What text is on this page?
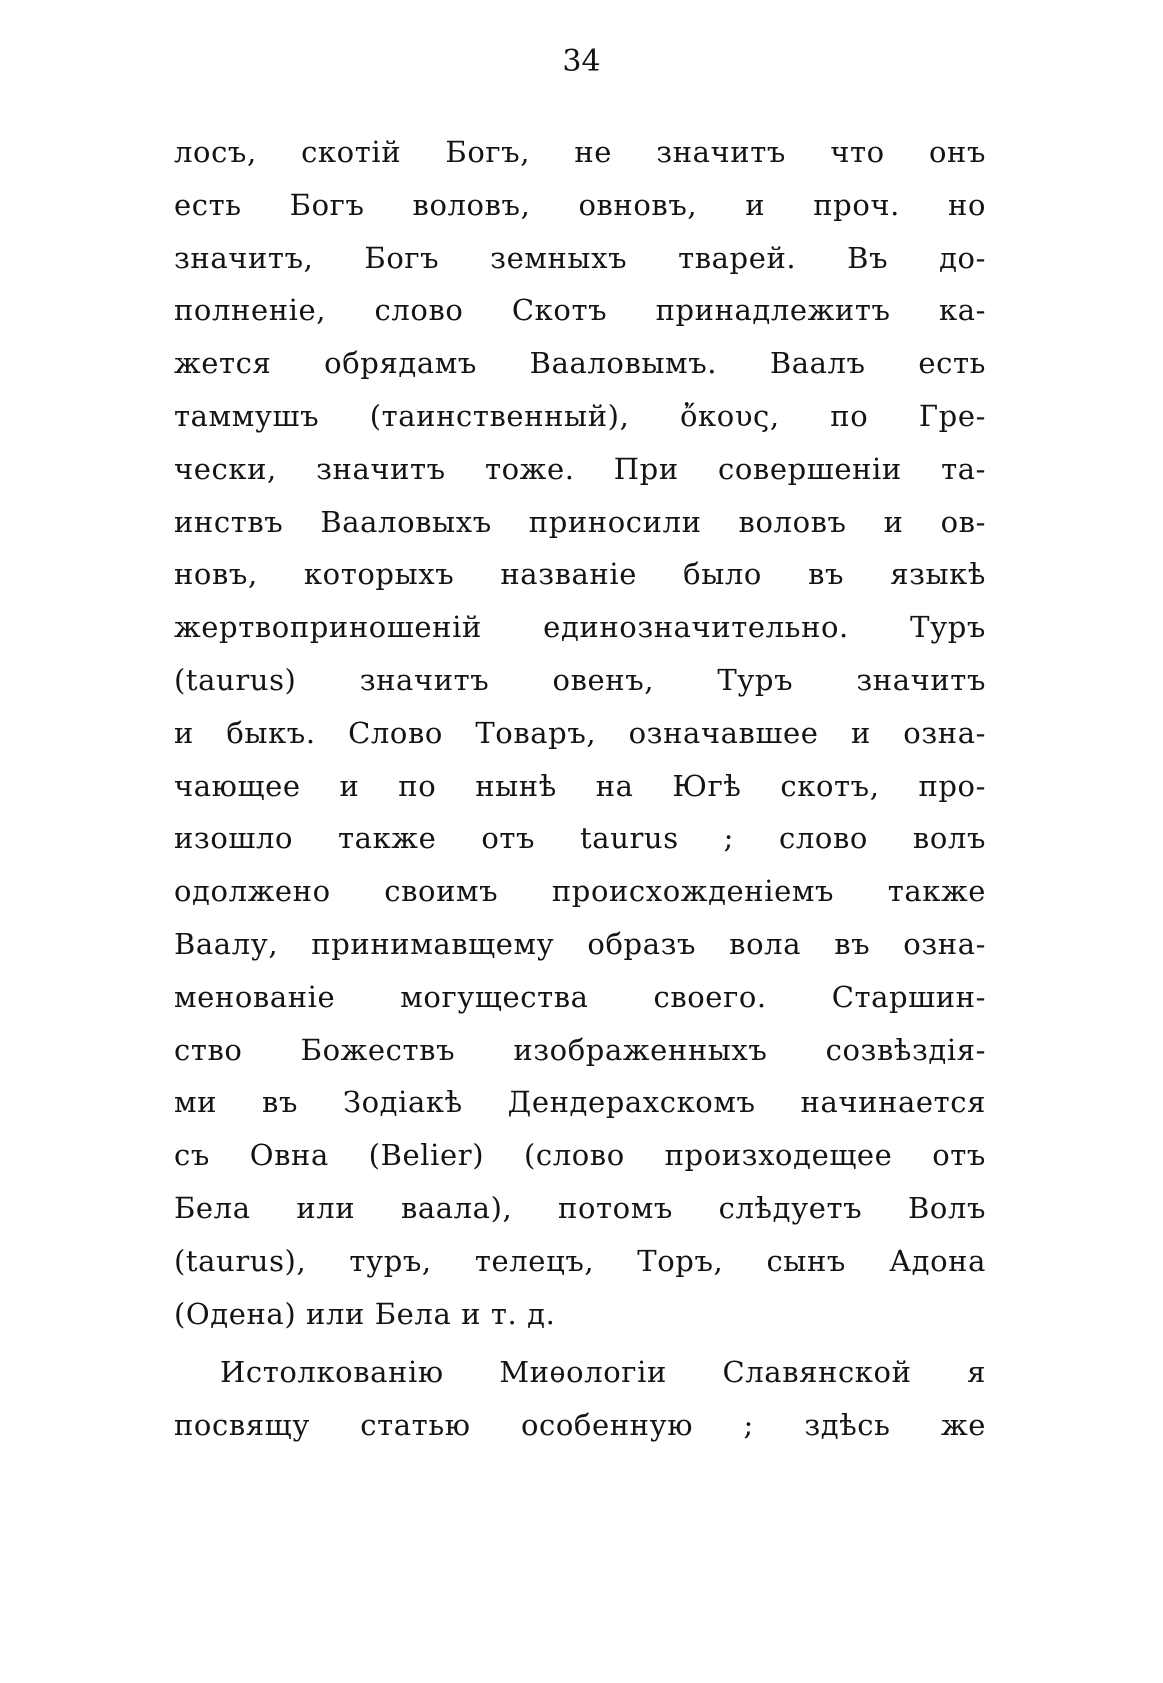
34
лосъ, скотій Богъ, не значитъ что онъ
есть Богъ воловъ, овновъ, и проч. но
значитъ, Богъ земныхъ тварей. Въ до-
полненіе, слово Скотъ принадлежитъ ка-
жется обрядамъ Вааловымъ. Ваалъ есть
таммушъ (таинственный), ὄκους, по Гре-
чески, значитъ тоже. При совершеніи та-
инствъ Вааловыхъ приносили воловъ и ов-
новъ, которыхъ названіе было въ языкѣ
жертвоприношеній единозначительно. Туръ
(taurus) значитъ овенъ, Туръ значитъ
и быкъ. Слово Товаръ, означавшее и озна-
чающее и по нынѣ на Югѣ скотъ, про-
изошло также отъ taurus ; слово волъ
одолжено своимъ происхожденіемъ также
Ваалу, принимавщему образъ вола въ озна-
менованіе могущества своего. Старшин-
ство Божествъ изображенныхъ созвѣздія-
ми въ Зодіакѣ Дендерахскомъ начинается
съ Овна (Belier) (слово произходещее отъ
Бела или ваала), потомъ слѣдуетъ Волъ
(taurus), туръ, телецъ, Торъ, сынъ Адона
(Одена) или Бела и т. д.
Истолкованію Миѳологіи Славянской я
посвящу статью особенную ; здѣсь же
